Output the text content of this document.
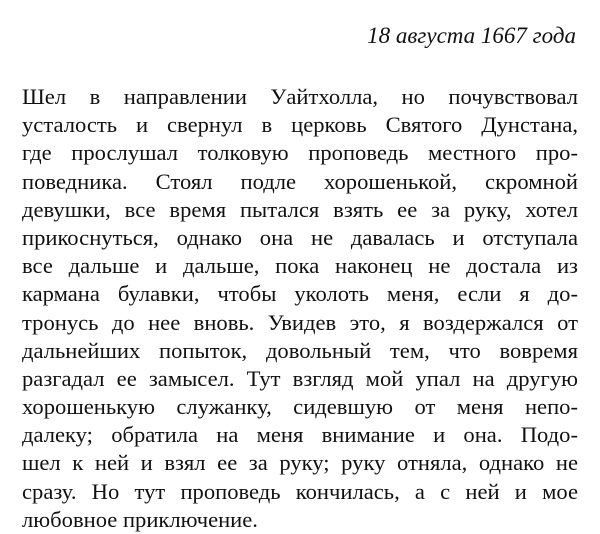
18 августа 1667 года
Шел в направлении Уайтхолла, но почувствовал
усталость и свернул в церковь Святого Дунстана,
где прослушал толковую проповедь местного про-
поведника. Стоял подле хорошенькой, скромной
девушки, все время пытался взять ее за руку, хотел
прикоснуться, однако она не давалась и отступала
все дальше и дальше, пока наконец не достала из
кармана булавки, чтобы уколоть меня, если я до-
тронусь до нее вновь. Увидев это, я воздержался от
дальнейших попыток, довольный тем, что вовремя
разгадал ее замысел. Тут взгляд мой упал на другую
хорошенькую служанку, сидевшую от меня непо-
далеку; обратила на меня внимание и она. Подо-
шел к ней и взял ее за руку; руку отняла, однако не
сразу. Но тут проповедь кончилась, а с ней и мое
любовное приключение.
